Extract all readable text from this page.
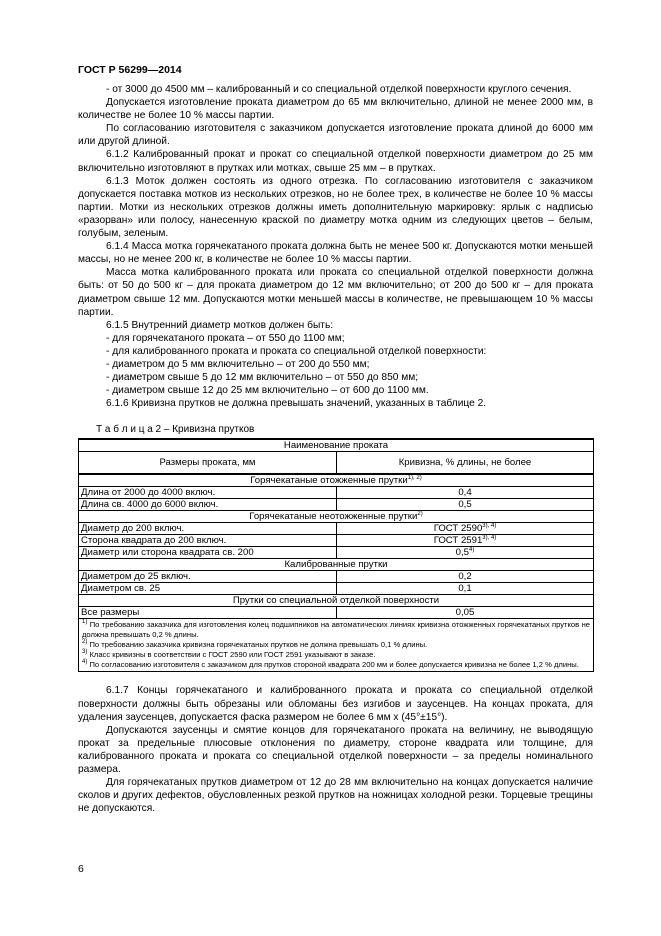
ГОСТ Р 56299—2014

- от 3000 до 4500 мм – калиброванный и со специальной отделкой поверхности круглого сечения.

Допускается изготовление проката диаметром до 65 мм включительно, длиной не менее 2000 мм, в количестве не более 10 % массы партии.

По согласованию изготовителя с заказчиком допускается изготовление проката длиной до 6000 мм или другой длиной.

6.1.2 Калиброванный прокат и прокат со специальной отделкой поверхности диаметром до 25 мм включительно изготовляют в прутках или мотках, свыше 25 мм – в прутках.

6.1.3 Моток должен состоять из одного отрезка. По согласованию изготовителя с заказчиком допускается поставка мотков из нескольких отрезков, но не более трех, в количестве не более 10 % массы партии. Мотки из нескольких отрезков должны иметь дополнительную маркировку: ярлык с надписью «разорван» или полосу, нанесенную краской по диаметру мотка одним из следующих цветов – белым, голубым, зеленым.

6.1.4 Масса мотка горячекатаного проката должна быть не менее 500 кг. Допускаются мотки меньшей массы, но не менее 200 кг, в количестве не более 10 % массы партии.

Масса мотка калиброванного проката или проката со специальной отделкой поверхности должна быть: от 50 до 500 кг – для проката диаметром до 12 мм включительно; от 200 до 500 кг – для проката диаметром свыше 12 мм. Допускаются мотки меньшей массы в количестве, не превышающем 10 % массы партии.

6.1.5 Внутренний диаметр мотков должен быть:

- для горячекатаного проката – от 550 до 1100 мм;

- для калиброванного проката и проката со специальной отделкой поверхности:

- диаметром до 5 мм включительно – от 200 до 550 мм;

- диаметром свыше 5 до 12 мм включительно – от 550 до 850 мм;

- диаметром свыше 12 до 25 мм включительно – от 600 до 1100 мм.

6.1.6 Кривизна прутков не должна превышать значений, указанных в таблице 2.

Т а б л и ц а 2 – Кривизна прутков

Наименование проката	
Размеры проката, мм	Кривизна, % длины, не более
Горячекатаные отожженные прутки$^{1), 2)}$
Длина от 2000 до 4000 включ.	0,4
Длина св. 4000 до 6000 включ.	0,5
Горячекатаные неотожженные прутки$^{2)}$
Диаметр до 200 включ.	ГОСТ $2590^{3), 4)}$
Сторона квадрата до 200 включ.	ГОСТ $2591^{3), 4)}$
Диаметр или сторона квадрата св. 200	0,5$^{4)}$
Калиброванные прутки	
Диаметром до 25 включ.	0,2
Диаметром св. 25	0,1
Прутки со специальной отделкой поверхности	
Все размеры	0,05

$^{1)}$ По требованию заказчика для изготовления колец подшипников на автоматических линиях кривизна отожженных горячекатаных прутков не должна превышать 0,2 % длины.

$^{2)}$ По требованию заказчика кривизна горячекатаных прутков не должна превышать 0,1 % длины.

$^{3)}$ Класс кривизны в соответствии с ГОСТ 2590 или ГОСТ 2591 указывают в заказе.

$^{4)}$ По согласованию изготовителя с заказчиком для прутков стороной квадрата 200 мм и более допускается кривизна не более 1,2 % длины.	

6.1.7 Концы горячекатаного и калиброванного проката и проката со специальной отделкой поверхности должны быть обрезаны или обломаны без изгибов и заусенцев. На концах проката, для удаления заусенцев, допускается фаска размером не более 6 мм х (45°±15°).

Допускаются заусенцы и смятие концов для горячекатаного проката на величину, не выводящую прокат за предельные плюсовые отклонения по диаметру, стороне квадрата или толщине, для калиброванного проката и проката со специальной отделкой поверхности – за пределы номинального размера.

Для горячекатаных прутков диаметром от 12 до 28 мм включительно на концах допускается наличие сколов и других дефектов, обусловленных резкой прутков на ножницах холодной резки. Торцевые трещины не допускаются.

6
